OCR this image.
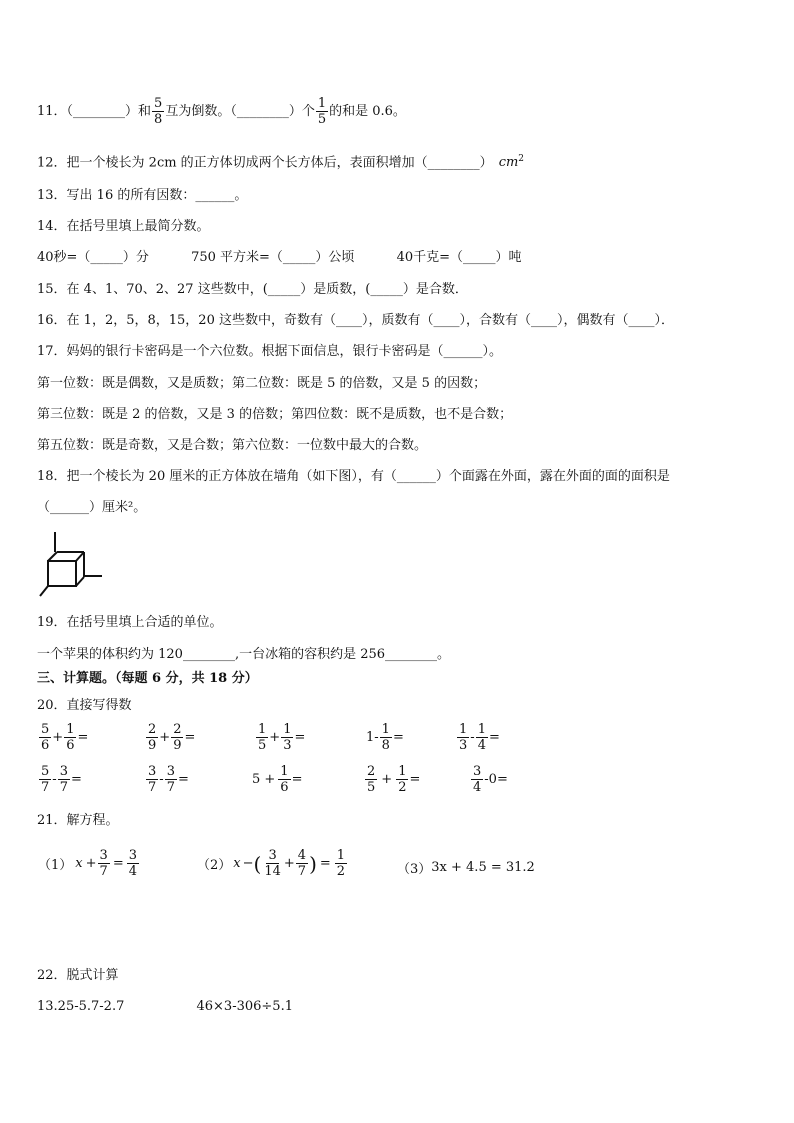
11．（________）和 $\frac{5}{8}$ 互为倒数。（________）个 $\frac{1}{5}$ 的和是 0.6。
12．把一个棱长为 2cm 的正方体切成两个长方体后，表面积增加（________） $cm^2$
13．写出 16 的所有因数：______。
14．在括号里填上最简分数。
40秒=（_____）分	750 平方米=（_____）公顷	40千克=（_____）吨
15．在 4、1、70、2、27 这些数中，(_____）是质数，(_____）是合数．
16．在 1，2，5，8，15，20 这些数中，奇数有（____），质数有（____），合数有（____），偶数有（____）．
17．妈妈的银行卡密码是一个六位数。根据下面信息，银行卡密码是（______）。
第一位数：既是偶数，又是质数；第二位数：既是 5 的倍数，又是 5 的因数；
第三位数：既是 2 的倍数，又是 3 的倍数；第四位数：既不是质数，也不是合数；
第五位数：既是奇数，又是合数；第六位数：一位数中最大的合数。
18．把一个棱长为 20 厘米的正方体放在墙角（如下图），有（______）个面露在外面，露在外面的面的面积是
（______）厘米²。
19．在括号里填上合适的单位。
一个苹果的体积约为 120________,一台冰箱的容积约是 256________。
三、计算题。（每题 6 分，共 18 分）
20．直接写得数
$\frac{5}{6} + \frac{1}{6}$ =	$\frac{2}{9} + \frac{2}{9}$ =	$\frac{1}{5} + \frac{1}{3}$ =	$1- \frac{1}{8}$ =	$\frac{1}{3} - \frac{1}{4}$ =
$\frac{5}{7} - \frac{3}{7}$ =	$\frac{3}{7} - \frac{3}{7}$ =	$5 + \frac{1}{6}$ =	$\frac{2}{5} + \frac{1}{2}$ =	$\frac{3}{4} -0=$
21．解方程。
（1） $x + \frac{3}{7} = \frac{3}{4}$	（2） x − ( $\frac{3}{14} + \frac{4}{7}$ ) = $\frac{1}{2}$	（3） 3x + 4.5 = 31.2
22．脱式计算
13.25-5.7-2.7	46×3-306÷5.1
